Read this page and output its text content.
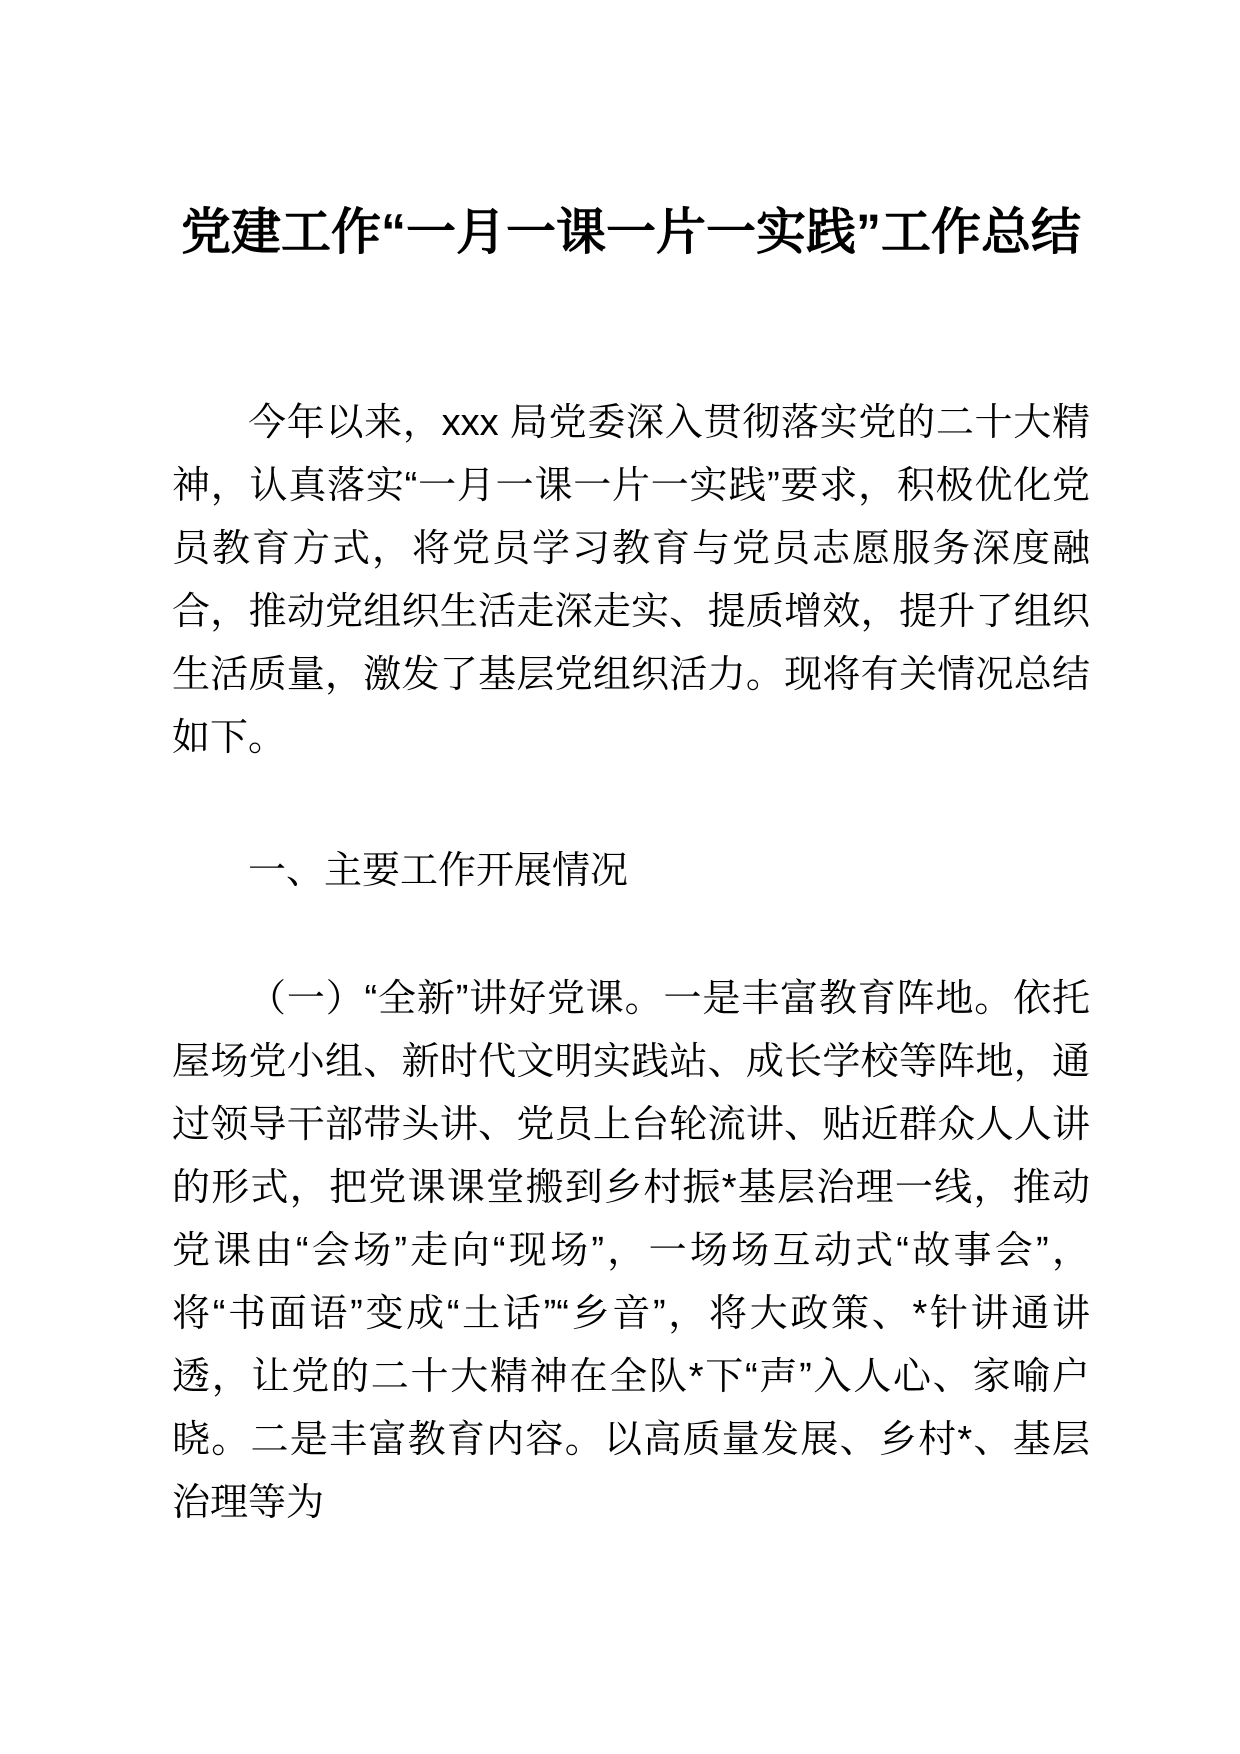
党建工作“一月一课一片一实践”工作总结

今年以来，xxx 局党委深入贯彻落实党的二十大精神，认真落实“一月一课一片一实践”要求，积极优化党员教育方式，将党员学习教育与党员志愿服务深度融合，推动党组织生活走深走实、提质增效，提升了组织生活质量，激发了基层党组织活力。现将有关情况总结如下。

一、主要工作开展情况

（一）“全新”讲好党课。一是丰富教育阵地。依托屋场党小组、新时代文明实践站、成长学校等阵地，通过领导干部带头讲、党员上台轮流讲、贴近群众人人讲的形式，把党课课堂搬到乡村振*基层治理一线，推动党课由“会场”走向“现场”，一场场互动式“故事会”，将“书面语”变成“土话”“乡音”，将大政策、*针讲通讲透，让党的二十大精神在全队*下“声”入人心、家喻户晓。二是丰富教育内容。以高质量发展、乡村*、基层治理等为
